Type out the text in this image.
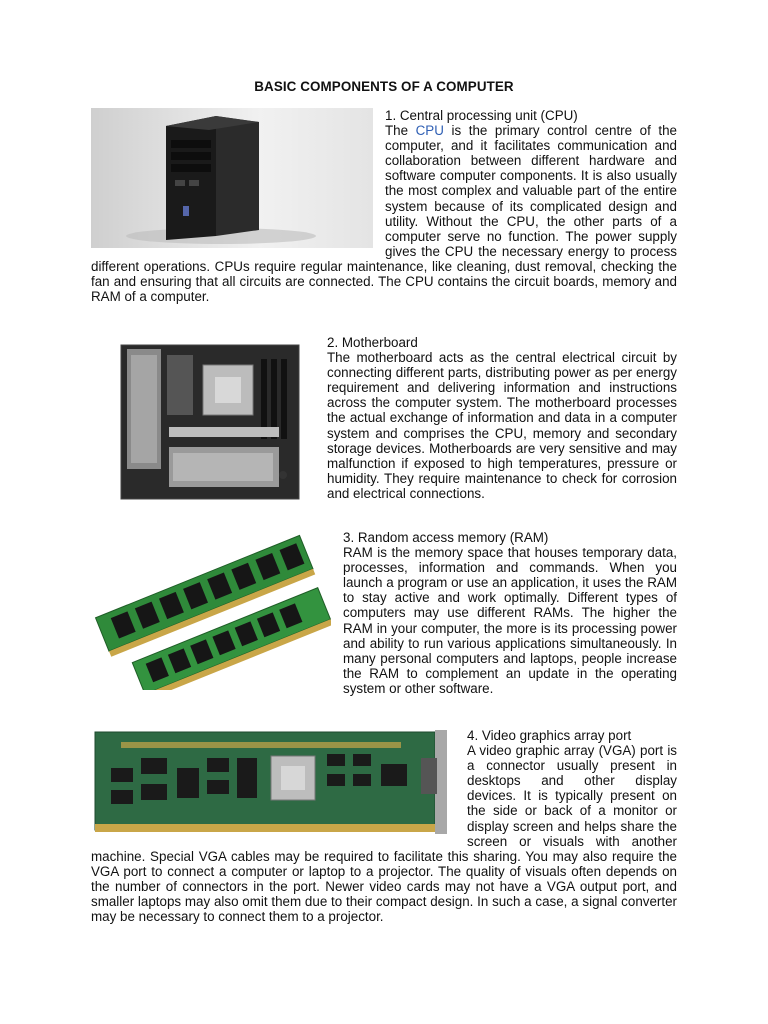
BASIC COMPONENTS OF A COMPUTER

1. Central processing unit (CPU)

The CPU is the primary control centre of the computer, and it facilitates communication and collaboration between different hardware and software computer components. It is also usually the most complex and valuable part of the entire system because of its complicated design and utility. Without the CPU, the other parts of a computer serve no function. The power supply gives the CPU the necessary energy to process different operations. CPUs require regular maintenance, like cleaning, dust removal, checking the fan and ensuring that all circuits are connected. The CPU contains the circuit boards, memory and RAM of a computer.

2. Motherboard

The motherboard acts as the central electrical circuit by connecting different parts, distributing power as per energy requirement and delivering information and instructions across the computer system. The motherboard processes the actual exchange of information and data in a computer system and comprises the CPU, memory and secondary storage devices. Motherboards are very sensitive and may malfunction if exposed to high temperatures, pressure or humidity. They require maintenance to check for corrosion and electrical connections.

3. Random access memory (RAM)

RAM is the memory space that houses temporary data, processes, information and commands. When you launch a program or use an application, it uses the RAM to stay active and work optimally. Different types of computers may use different RAMs. The higher the RAM in your computer, the more is its processing power and ability to run various applications simultaneously. In many personal computers and laptops, people increase the RAM to complement an update in the operating system or other software.

4. Video graphics array port

A video graphic array (VGA) port is a connector usually present in desktops and other display devices. It is typically present on the side or back of a monitor or display screen and helps share the screen or visuals with another machine. Special VGA cables may be required to facilitate this sharing. You may also require the VGA port to connect a computer or laptop to a projector. The quality of visuals often depends on the number of connectors in the port. Newer video cards may not have a VGA output port, and smaller laptops may also omit them due to their compact design. In such a case, a signal converter may be necessary to connect them to a projector.
